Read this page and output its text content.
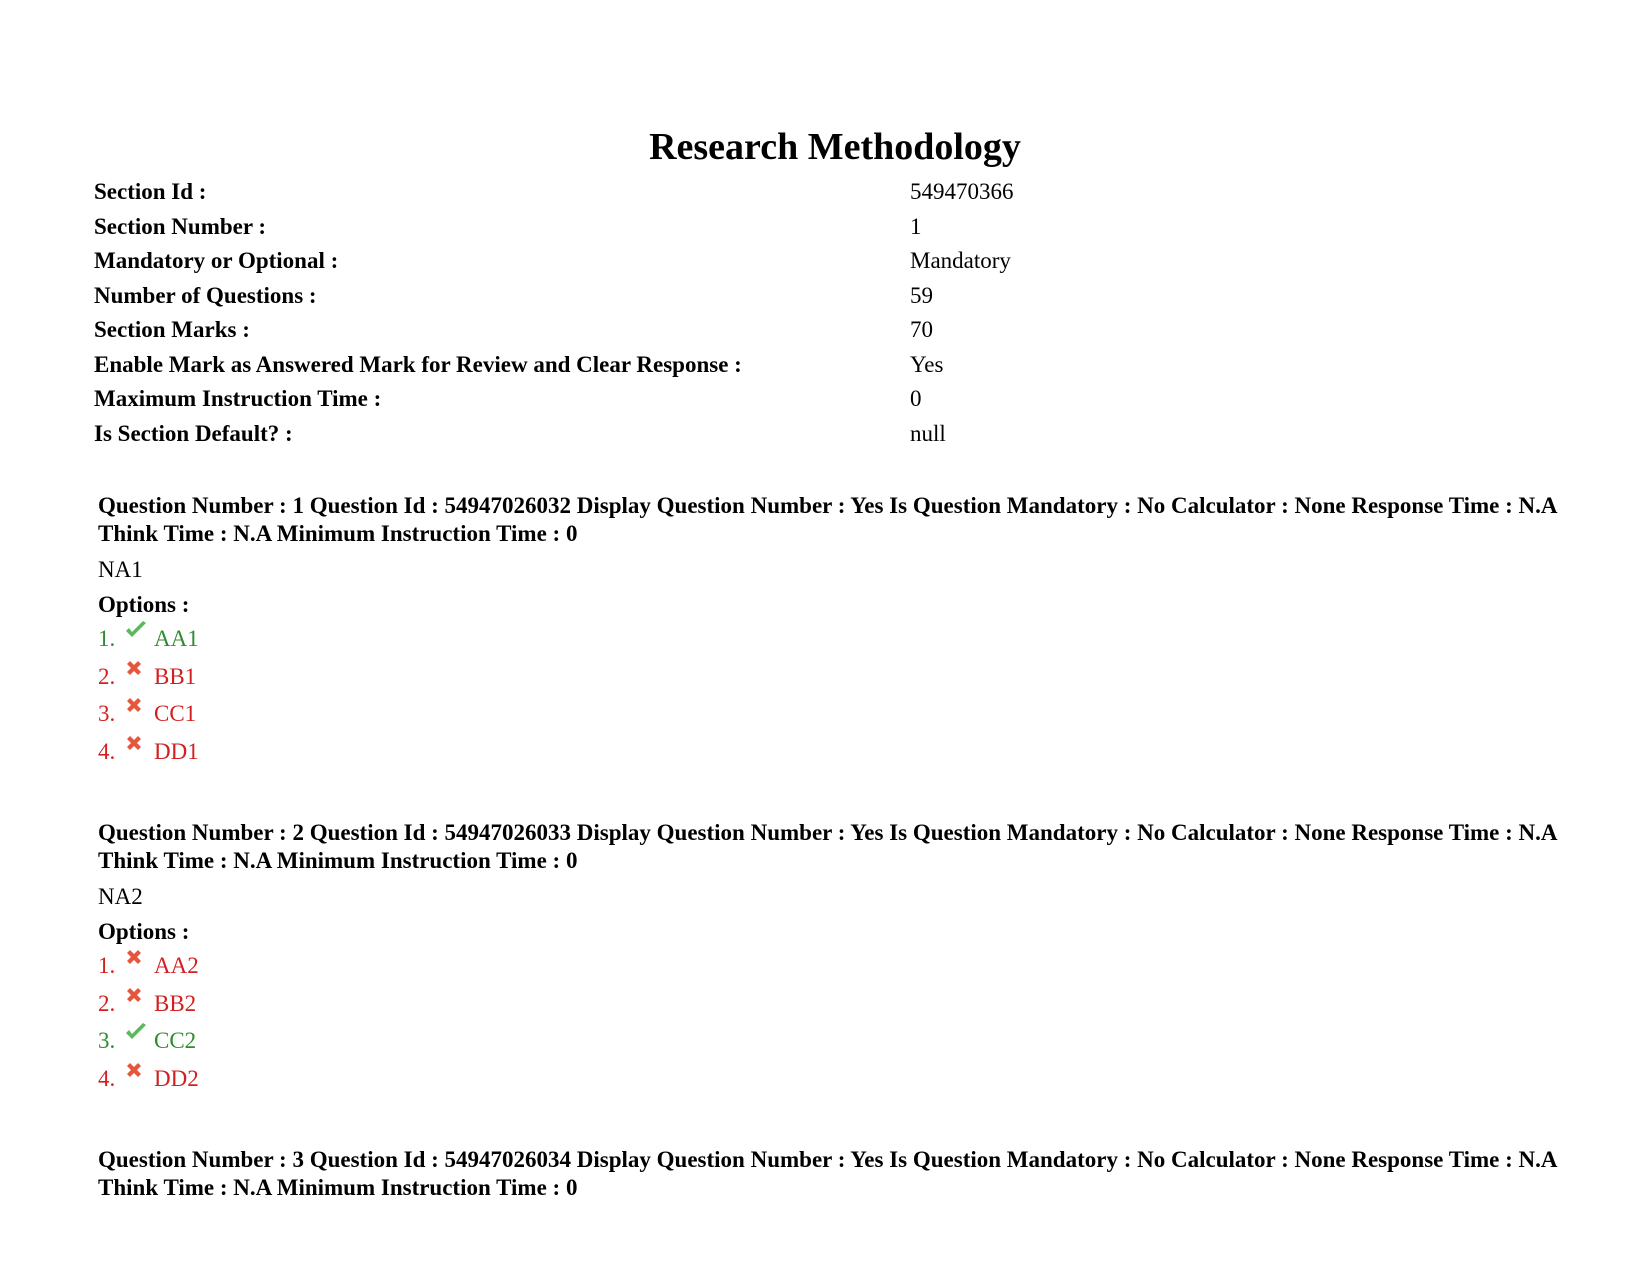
Research Methodology
Section Id :	549470366
Section Number :	1
Mandatory or Optional :	Mandatory
Number of Questions :	59
Section Marks :	70
Enable Mark as Answered Mark for Review and Clear Response :	Yes
Maximum Instruction Time :	0
Is Section Default? :	null

Question Number : 1 Question Id : 54947026032 Display Question Number : Yes Is Question Mandatory : No Calculator : None Response Time : N.A Think Time : N.A Minimum Instruction Time : 0

NA1
Options :
1.	AA1
2.	BB1
3.	CC1
4.	DD1

Question Number : 2 Question Id : 54947026033 Display Question Number : Yes Is Question Mandatory : No Calculator : None Response Time : N.A Think Time : N.A Minimum Instruction Time : 0

NA2
Options :
1.	AA2
2.	BB2
3.	CC2
4.	DD2

Question Number : 3 Question Id : 54947026034 Display Question Number : Yes Is Question Mandatory : No Calculator : None Response Time : N.A Think Time : N.A Minimum Instruction Time : 0
